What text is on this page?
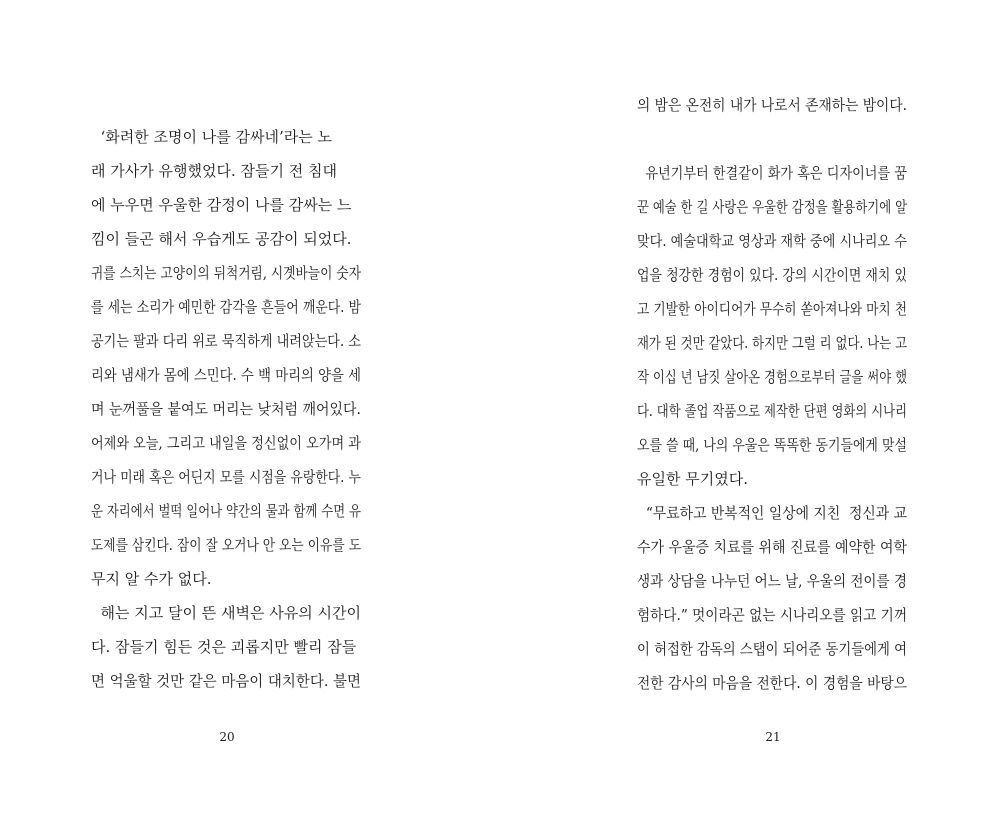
‘화려한 조명이 나를 감싸네’라는 노
래 가사가 유행했었다. 잠들기 전 침대
에 누우면 우울한 감정이 나를 감싸는 느
낌이 들곤 해서 우습게도 공감이 되었다.
귀를 스치는 고양이의 뒤척거림, 시곗바늘이 숫자
를 세는 소리가 예민한 감각을 흔들어 깨운다. 밤
공기는 팔과 다리 위로 묵직하게 내려앉는다. 소
리와 냄새가 몸에 스민다. 수 백 마리의 양을 세
며 눈꺼풀을 붙여도 머리는 낮처럼 깨어있다.
어제와 오늘, 그리고 내일을 정신없이 오가며 과
거나 미래 혹은 어딘지 모를 시점을 유랑한다. 누
운 자리에서 벌떡 일어나 약간의 물과 함께 수면 유
도제를 삼킨다. 잠이 잘 오거나 안 오는 이유를 도
무지 알 수가 없다.
해는 지고 달이 뜬 새벽은 사유의 시간이
다. 잠들기 힘든 것은 괴롭지만 빨리 잠들
면 억울할 것만 같은 마음이 대치한다. 불면
20
의 밤은 온전히 내가 나로서 존재하는 밤이다.
유년기부터 한결같이 화가 혹은 디자이너를 꿈
꾼 예술 한 길 사랑은 우울한 감정을 활용하기에 알
맞다. 예술대학교 영상과 재학 중에 시나리오 수
업을 청강한 경험이 있다. 강의 시간이면 재치 있
고 기발한 아이디어가 무수히 쏟아져나와 마치 천
재가 된 것만 같았다. 하지만 그럴 리 없다. 나는 고
작 이십 년 남짓 살아온 경험으로부터 글을 써야 했
다. 대학 졸업 작품으로 제작한 단편 영화의 시나리
오를 쓸 때, 나의 우울은 똑똑한 동기들에게 맞설
유일한 무기였다.
“무료하고 반복적인 일상에 지친  정신과 교
수가 우울증 치료를 위해 진료를 예약한 여학
생과 상담을 나누던 어느 날, 우울의 전이를 경
험하다.” 멋이라곤 없는 시나리오를 읽고 기꺼
이 허접한 감독의 스탭이 되어준 동기들에게 여
전한 감사의 마음을 전한다. 이 경험을 바탕으
21
